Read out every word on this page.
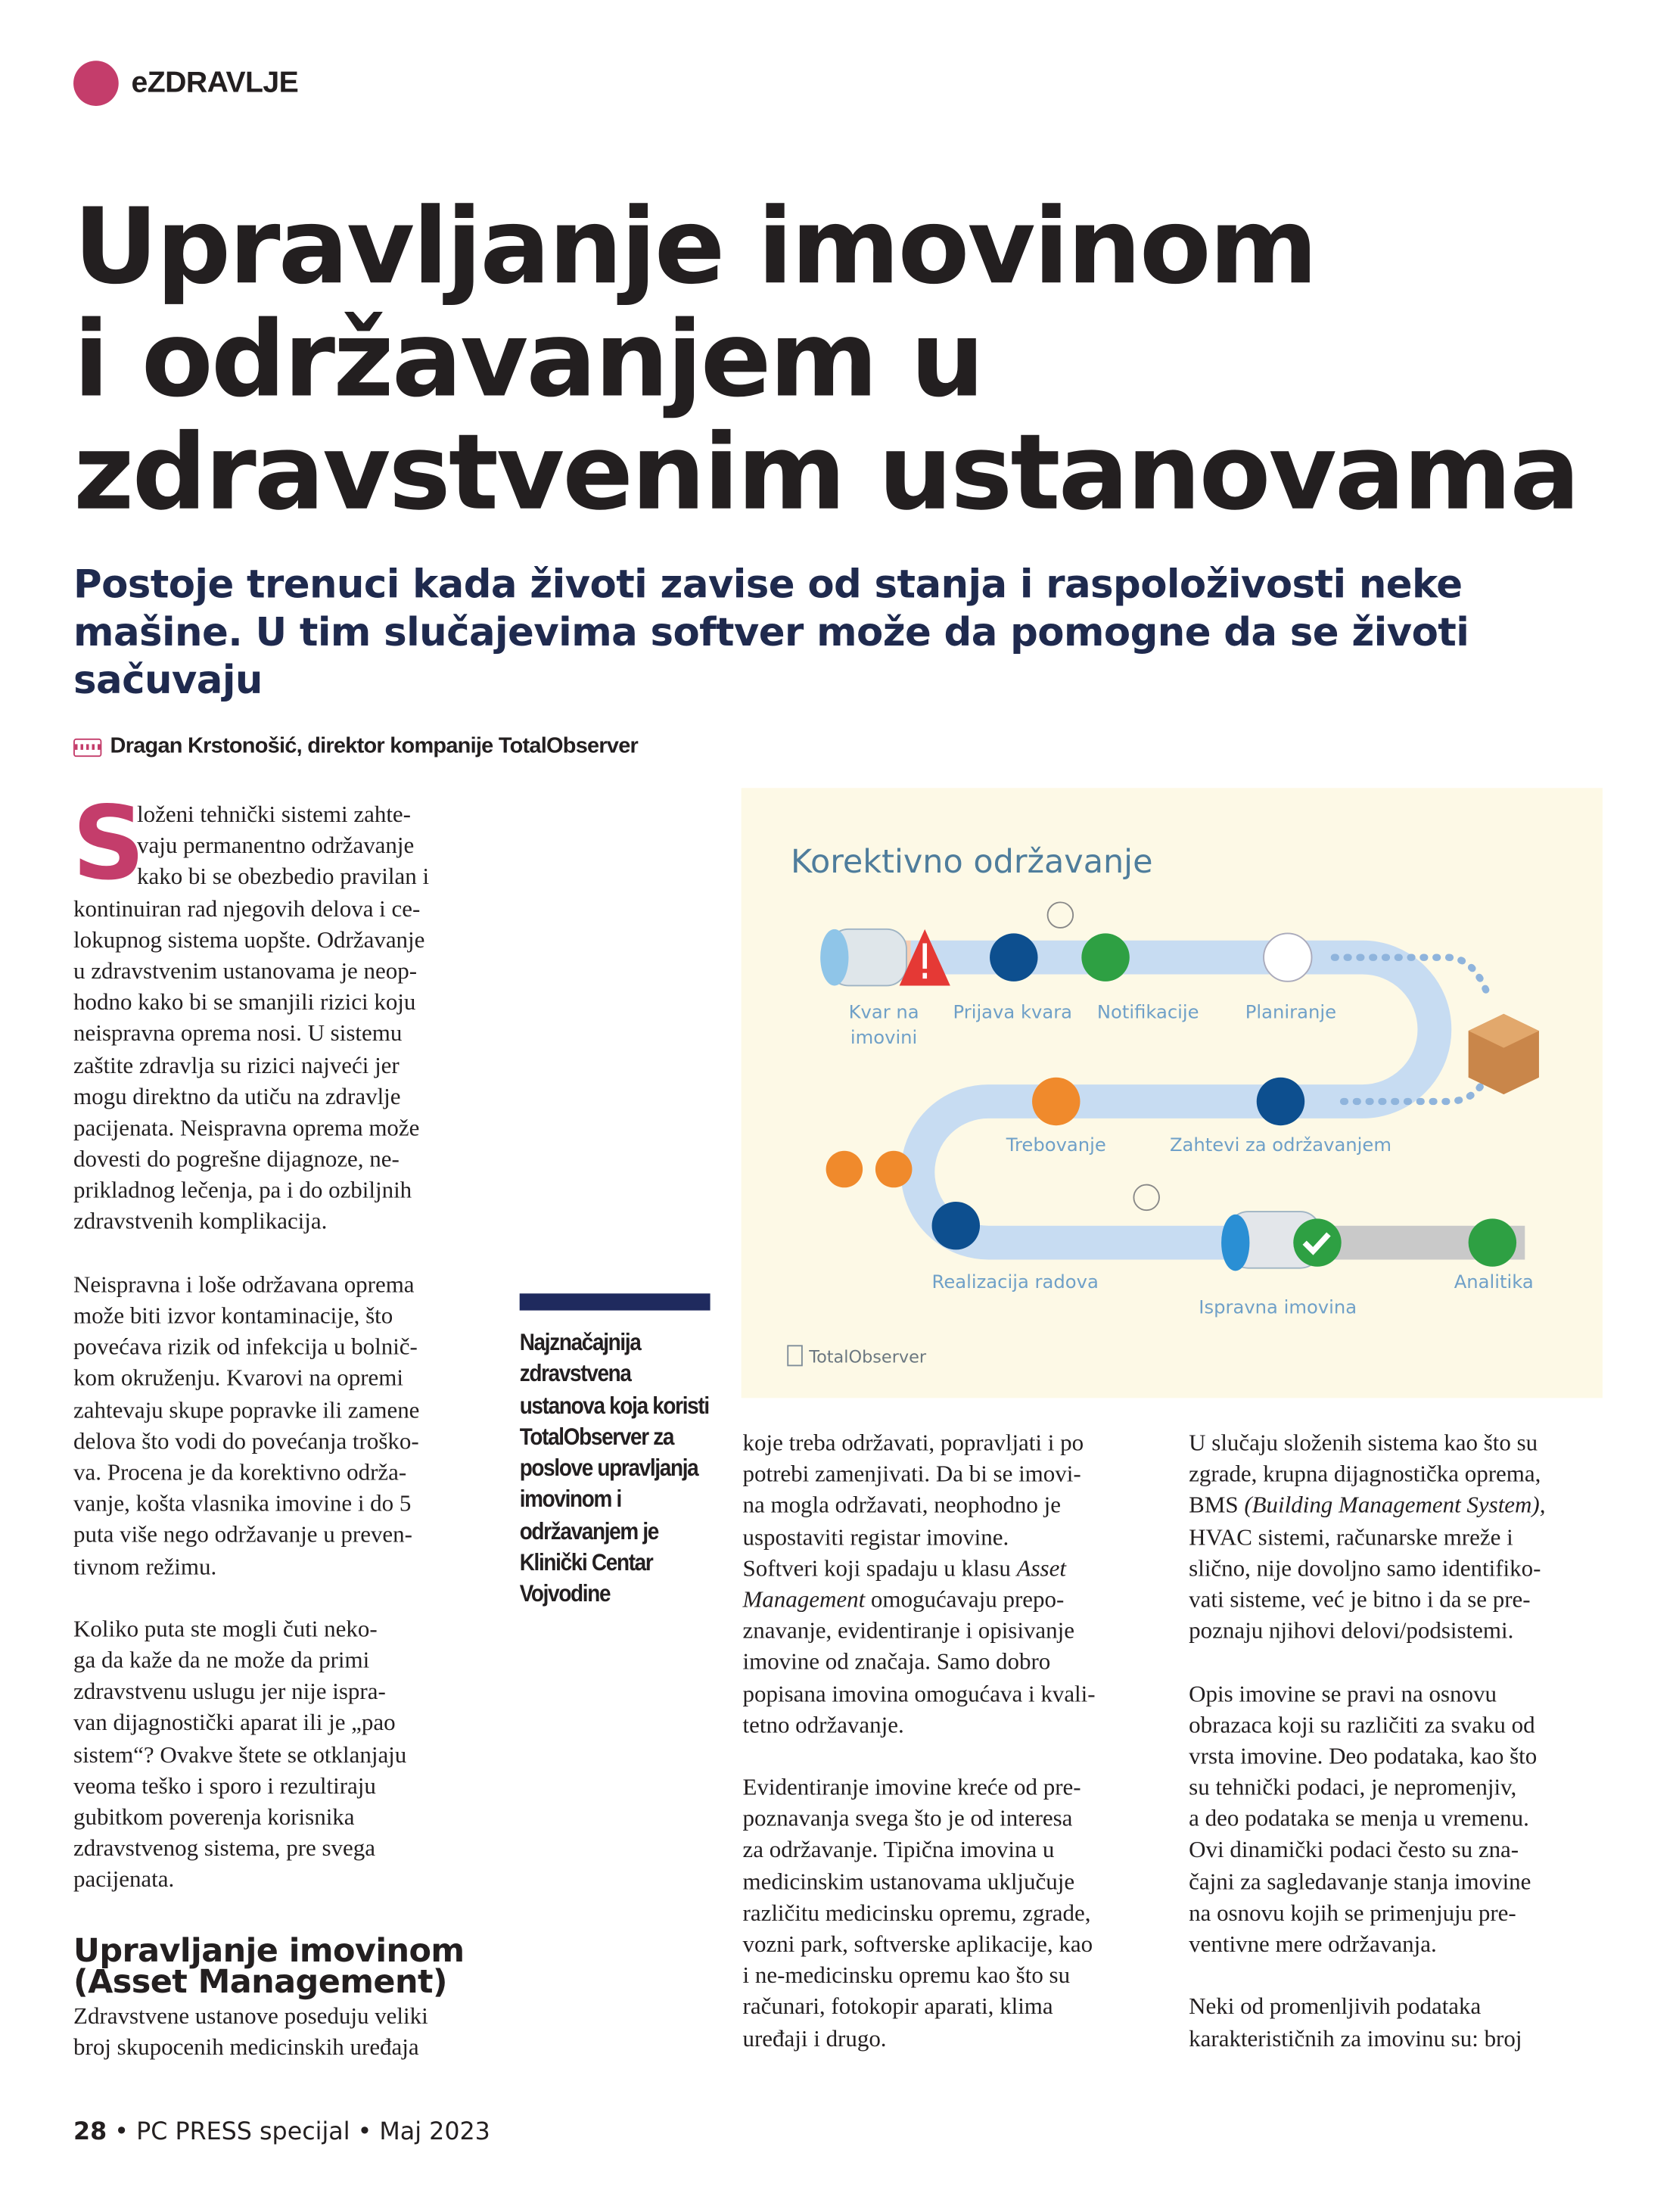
eZDRAVLJE
Upravljanje imovinom
i održavanjem u
zdravstvenim ustanovama
Postoje trenuci kada životi zavise od stanja i raspoloživosti neke mašine. U tim slučajevima softver može da pomogne da se životi sačuvaju
Dragan Krstonošić, direktor kompanije TotalObserver
S
loženi tehnički sistemi zahte-
vaju permanentno održavanje
kako bi se obezbedio pravilan i
kontinuiran rad njegovih delova i ce-
lokupnog sistema uopšte. Održavanje
u zdravstvenim ustanovama je neop-
hodno kako bi se smanjili rizici koju
neispravna oprema nosi. U sistemu
zaštite zdravlja su rizici najveći jer
mogu direktno da utiču na zdravlje
pacijenata. Neispravna oprema može
dovesti do pogrešne dijagnoze, ne-
prikladnog lečenja, pa i do ozbiljnih
zdravstvenih komplikacija.
Neispravna i loše održavana oprema
može biti izvor kontaminacije, što
povećava rizik od infekcija u bolnič-
kom okruženju. Kvarovi na opremi
zahtevaju skupe popravke ili zamene
delova što vodi do povećanja troško-
va. Procena je da korektivno održa-
vanje, košta vlasnika imovine i do 5
puta više nego održavanje u preven-
tivnom režimu.
Koliko puta ste mogli čuti neko-
ga da kaže da ne može da primi
zdravstvenu uslugu jer nije ispra-
van dijagnostički aparat ili je „pao
sistem“? Ovakve štete se otklanjaju
veoma teško i sporo i rezultiraju
gubitkom poverenja korisnika
zdravstvenog sistema, pre svega
pacijenata.
Upravljanje imovinom
(Asset Management)
Zdravstvene ustanove poseduju veliki
broj skupocenih medicinskih uređaja
koje treba održavati, popravljati i po
potrebi zamenjivati. Da bi se imovi-
na mogla održavati, neophodno je
uspostaviti registar imovine.
Softveri koji spadaju u klasu Asset
Management omogućavaju prepo-
znavanje, evidentiranje i opisivanje
imovine od značaja. Samo dobro
popisana imovina omogućava i kvali-
tetno održavanje.
Evidentiranje imovine kreće od pre-
poznavanja svega što je od interesa
za održavanje. Tipična imovina u
medicinskim ustanovama uključuje
različitu medicinsku opremu, zgrade,
vozni park, softverske aplikacije, kao
i ne-medicinsku opremu kao što su
računari, fotokopir aparati, klima
uređaji i drugo.
U slučaju složenih sistema kao što su
zgrade, krupna dijagnostička oprema,
BMS (Building Management System),
HVAC sistemi, računarske mreže i
slično, nije dovoljno samo identifiko-
vati sisteme, već je bitno i da se pre-
poznaju njihovi delovi/podsistemi.
Opis imovine se pravi na osnovu
obrazaca koji su različiti za svaku od
vrsta imovine. Deo podataka, kao što
su tehnički podaci, je nepromenjiv,
a deo podataka se menja u vremenu.
Ovi dinamički podaci često su zna-
čajni za sagledavanje stanja imovine
na osnovu kojih se primenjuju pre-
ventivne mere održavanja.
Neki od promenljivih podataka
karakterističnih za imovinu su: broj
Najznačajnija
zdravstvena
ustanova koja koristi
TotalObserver za
poslove upravljanja
imovinom i
održavanjem je
Klinički Centar
Vojvodine
Korektivno održavanje
Kvar na
imovini
Prijava kvara	Notifikacije	Planiranje
Trebovanje	Zahtevi za održavanjem
Realizacija radova
Ispravna imovina
Analitika
TotalObserver
28 • PC PRESS specijal • Maj 2023
